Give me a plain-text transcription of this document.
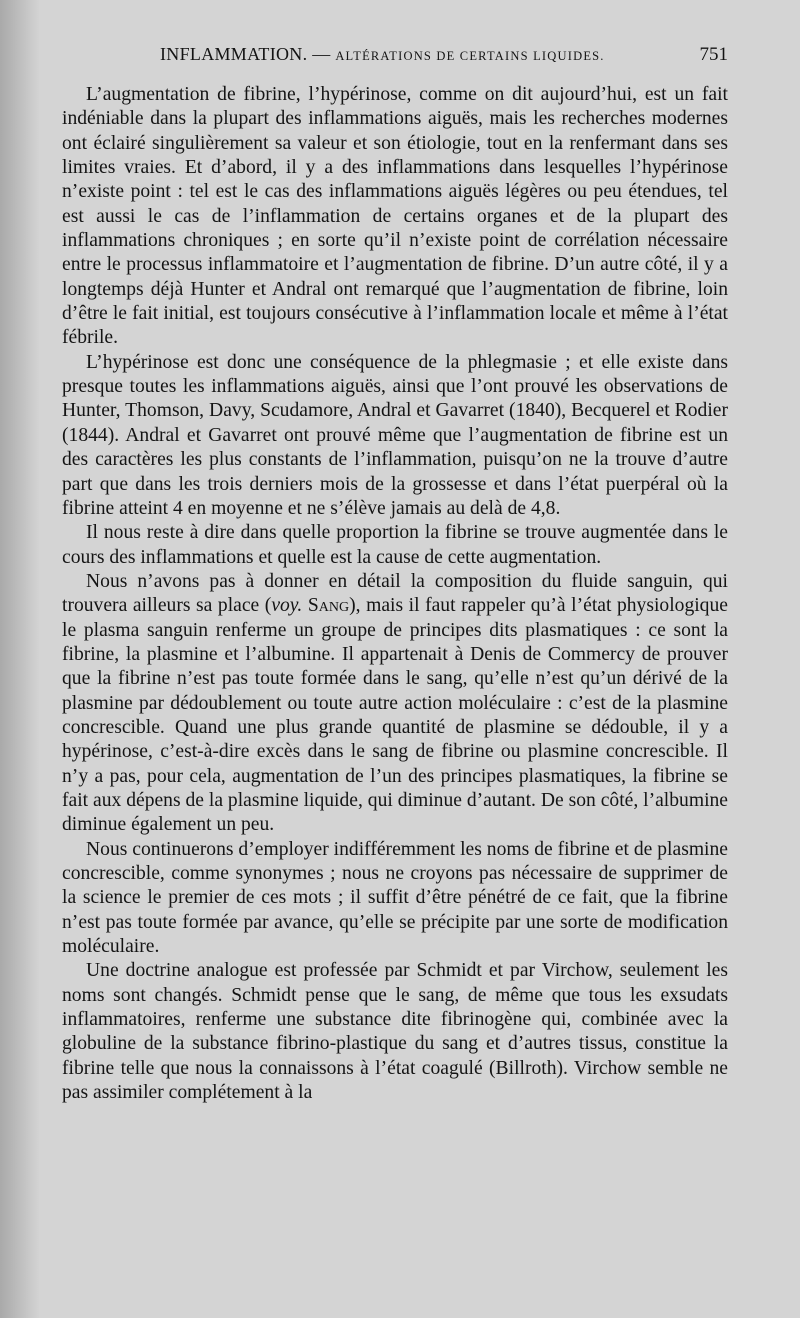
INFLAMMATION. — ALTÉRATIONS DE CERTAINS LIQUIDES.	751

L’augmentation de fibrine, l’hypérinose, comme on dit aujourd’hui, est un fait indéniable dans la plupart des inflammations aiguës, mais les recherches modernes ont éclairé singulièrement sa valeur et son étiologie, tout en la renfermant dans ses limites vraies. Et d’abord, il y a des inflammations dans lesquelles l’hypérinose n’existe point : tel est le cas des inflammations aiguës légères ou peu étendues, tel est aussi le cas de l’inflammation de certains organes et de la plupart des inflammations chroniques ; en sorte qu’il n’existe point de corrélation nécessaire entre le processus inflammatoire et l’augmentation de fibrine. D’un autre côté, il y a longtemps déjà Hunter et Andral ont remarqué que l’augmentation de fibrine, loin d’être le fait initial, est toujours consécutive à l’inflammation locale et même à l’état fébrile.

L’hypérinose est donc une conséquence de la phlegmasie ; et elle existe dans presque toutes les inflammations aiguës, ainsi que l’ont prouvé les observations de Hunter, Thomson, Davy, Scudamore, Andral et Gavarret (1840), Becquerel et Rodier (1844). Andral et Gavarret ont prouvé même que l’augmentation de fibrine est un des caractères les plus constants de l’inflammation, puisqu’on ne la trouve d’autre part que dans les trois derniers mois de la grossesse et dans l’état puerpéral où la fibrine atteint 4 en moyenne et ne s’élève jamais au delà de 4,8.

Il nous reste à dire dans quelle proportion la fibrine se trouve augmentée dans le cours des inflammations et quelle est la cause de cette augmentation.

Nous n’avons pas à donner en détail la composition du fluide sanguin, qui trouvera ailleurs sa place (voy. Sang), mais il faut rappeler qu’à l’état physiologique le plasma sanguin renferme un groupe de principes dits plasmatiques : ce sont la fibrine, la plasmine et l’albumine. Il appartenait à Denis de Commercy de prouver que la fibrine n’est pas toute formée dans le sang, qu’elle n’est qu’un dérivé de la plasmine par dédoublement ou toute autre action moléculaire : c’est de la plasmine concrescible. Quand une plus grande quantité de plasmine se dédouble, il y a hypérinose, c’est-à-dire excès dans le sang de fibrine ou plasmine concrescible. Il n’y a pas, pour cela, augmentation de l’un des principes plasmatiques, la fibrine se fait aux dépens de la plasmine liquide, qui diminue d’autant. De son côté, l’albumine diminue également un peu.

Nous continuerons d’employer indifféremment les noms de fibrine et de plasmine concrescible, comme synonymes ; nous ne croyons pas nécessaire de supprimer de la science le premier de ces mots ; il suffit d’être pénétré de ce fait, que la fibrine n’est pas toute formée par avance, qu’elle se précipite par une sorte de modification moléculaire.

Une doctrine analogue est professée par Schmidt et par Virchow, seulement les noms sont changés. Schmidt pense que le sang, de même que tous les exsudats inflammatoires, renferme une substance dite fibrinogène qui, combinée avec la globuline de la substance fibrino-plastique du sang et d’autres tissus, constitue la fibrine telle que nous la connaissons à l’état coagulé (Billroth). Virchow semble ne pas assimiler complétement à la
